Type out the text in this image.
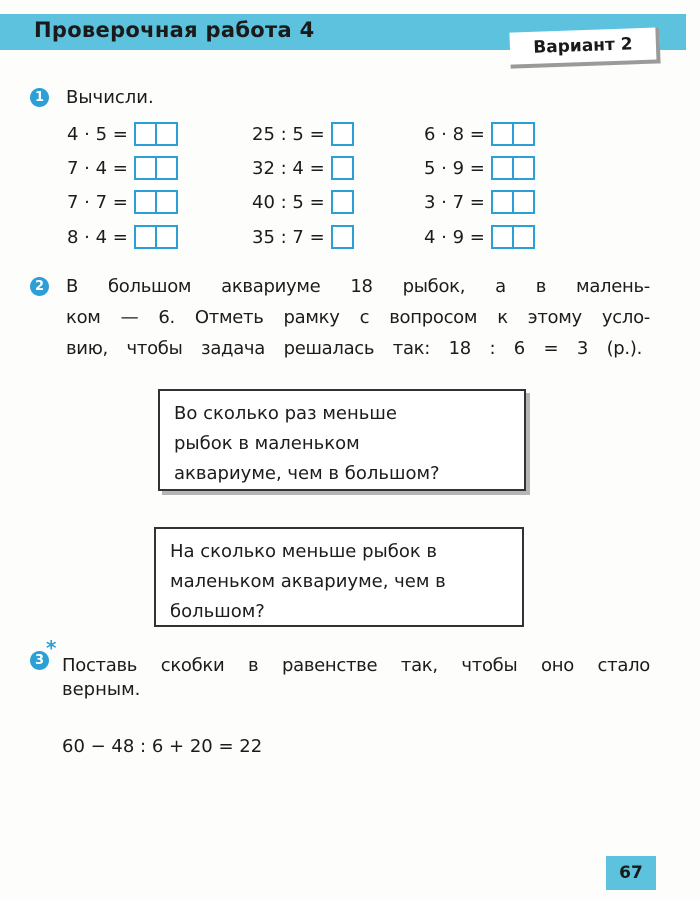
Проверочная работа 4
Вариант 2
1 Вычисли.
4 · 5 =
7 · 4 =
7 · 7 =
8 · 4 =
25 : 5 =
32 : 4 =
40 : 5 =
35 : 7 =
6 · 8 =
5 · 9 =
3 · 7 =
4 · 9 =
2 В большом аквариуме 18 рыбок, а в малень-
ком — 6. Отметь рамку с вопросом к этому усло-
вию, чтобы задача решалась так: 18 : 6 = 3 (р.).
Во сколько раз меньше
рыбок в маленьком
аквариуме, чем в большом?
На сколько меньше рыбок в
маленьком аквариуме, чем в
большом?
3
*
Поставь скобки в равенстве так, чтобы оно стало
верным.
60 − 48 : 6 + 20 = 22
67
